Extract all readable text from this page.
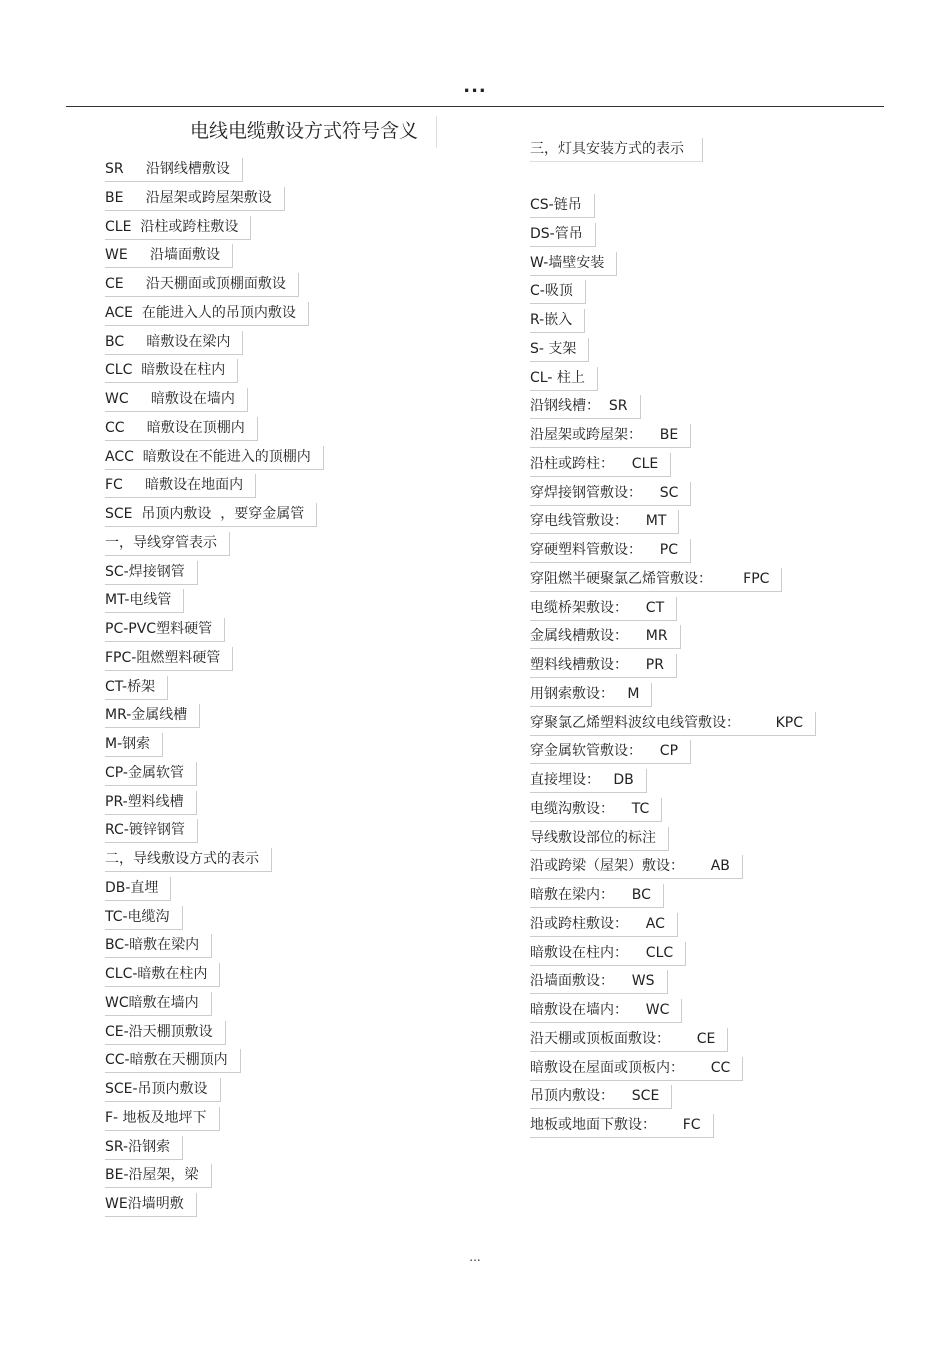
...
电线电缆敷设方式符号含义
SR     沿钢线槽敷设
BE     沿屋架或跨屋架敷设
CLE  沿柱或跨柱敷设
WE     沿墙面敷设
CE     沿天棚面或顶棚面敷设
ACE  在能进入人的吊顶内敷设
BC     暗敷设在梁内
CLC  暗敷设在柱内
WC     暗敷设在墙内
CC     暗敷设在顶棚内
ACC  暗敷设在不能进入的顶棚内
FC     暗敷设在地面内
SCE  吊顶内敷设  ，要穿金属管
一，导线穿管表示
SC-焊接钢管
MT-电线管
PC-PVC塑料硬管
FPC-阻燃塑料硬管
CT-桥架
MR-金属线槽
M-钢索
CP-金属软管
PR-塑料线槽
RC-镀锌钢管
二，导线敷设方式的表示
DB-直埋
TC-电缆沟
BC-暗敷在梁内
CLC-暗敷在柱内
WC暗敷在墙内
CE-沿天棚顶敷设
CC-暗敷在天棚顶内
SCE-吊顶内敷设
F- 地板及地坪下
SR-沿钢索
BE-沿屋架，梁
WE沿墙明敷
三，灯具安装方式的表示
CS-链吊
DS-管吊
W-墙壁安装
C-吸顶
R-嵌入
S- 支架
CL- 柱上
沿钢线槽：  SR
沿屋架或跨屋架：    BE
沿柱或跨柱：    CLE
穿焊接钢管敷设：    SC
穿电线管敷设：    MT
穿硬塑料管敷设：    PC
穿阻燃半硬聚氯乙烯管敷设：       FPC
电缆桥架敷设：    CT
金属线槽敷设：    MR
塑料线槽敷设：    PR
用钢索敷设：   M
穿聚氯乙烯塑料波纹电线管敷设：        KPC
穿金属软管敷设：    CP
直接埋设：   DB
电缆沟敷设：    TC
导线敷设部位的标注
沿或跨梁（屋架）敷设：      AB
暗敷在梁内：    BC
沿或跨柱敷设：    AC
暗敷设在柱内：    CLC
沿墙面敷设：    WS
暗敷设在墙内：    WC
沿天棚或顶板面敷设：      CE
暗敷设在屋面或顶板内：      CC
吊顶内敷设：    SCE
地板或地面下敷设：      FC
...
